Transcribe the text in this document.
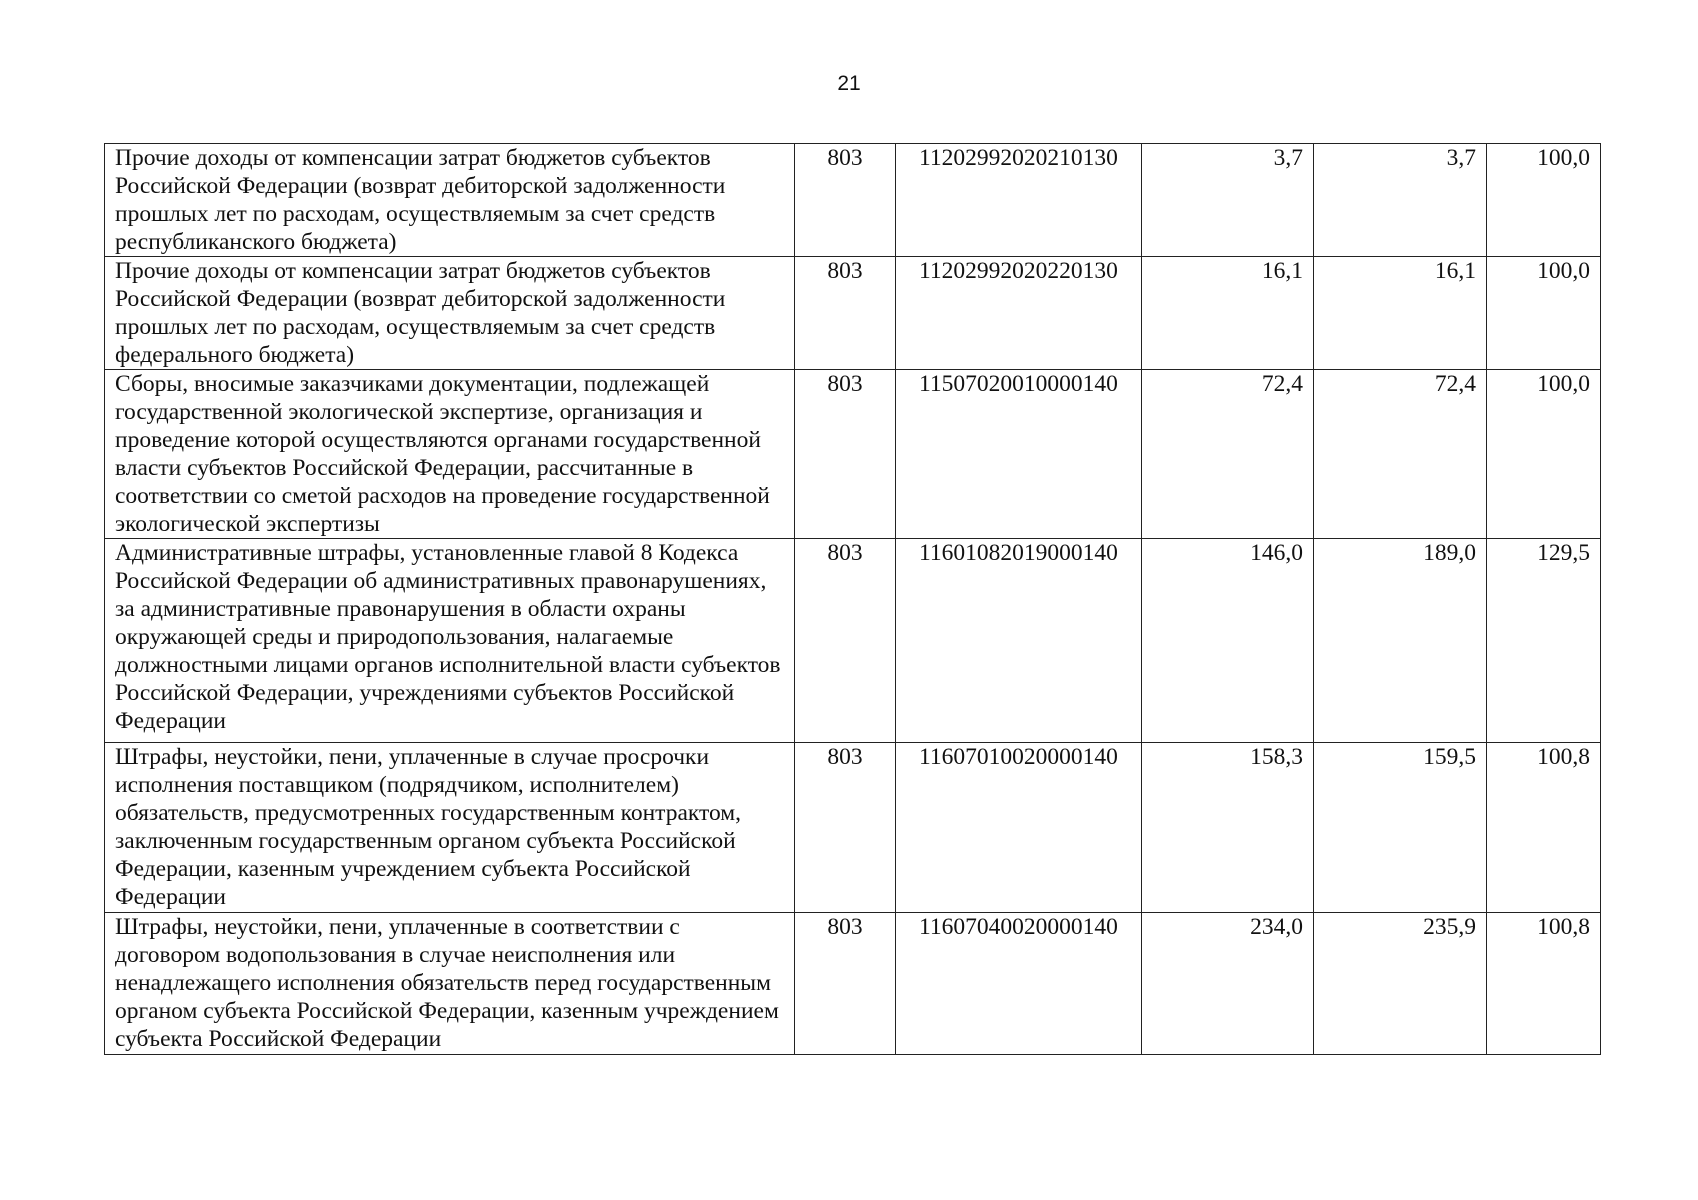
21
Прочие доходы от компенсации затрат бюджетов субъектов Российской Федерации (возврат дебиторской задолженности прошлых лет по расходам, осуществляемым за счет средств республиканского бюджета)	803	11202992020210130	3,7	3,7	100,0
Прочие доходы от компенсации затрат бюджетов субъектов Российской Федерации (возврат дебиторской задолженности прошлых лет по расходам, осуществляемым за счет средств федерального бюджета)	803	11202992020220130	16,1	16,1	100,0
Сборы, вносимые заказчиками документации, подлежащей государственной экологической экспертизе, организация и проведение которой осуществляются органами государственной власти субъектов Российской Федерации, рассчитанные в соответствии со сметой расходов на проведение государственной экологической экспертизы	803	11507020010000140	72,4	72,4	100,0
Административные штрафы, установленные главой 8 Кодекса Российской Федерации об административных правонарушениях, за административные правонарушения в области охраны окружающей среды и природопользования, налагаемые должностными лицами органов исполнительной власти субъектов Российской Федерации, учреждениями субъектов Российской Федерации	803	11601082019000140	146,0	189,0	129,5
Штрафы, неустойки, пени, уплаченные в случае просрочки исполнения поставщиком (подрядчиком, исполнителем) обязательств, предусмотренных государственным контрактом, заключенным государственным органом субъекта Российской Федерации, казенным учреждением субъекта Российской Федерации	803	11607010020000140	158,3	159,5	100,8
Штрафы, неустойки, пени, уплаченные в соответствии с договором водопользования в случае неисполнения или ненадлежащего исполнения обязательств перед государственным органом субъекта Российской Федерации, казенным учреждением субъекта Российской Федерации	803	11607040020000140	234,0	235,9	100,8
